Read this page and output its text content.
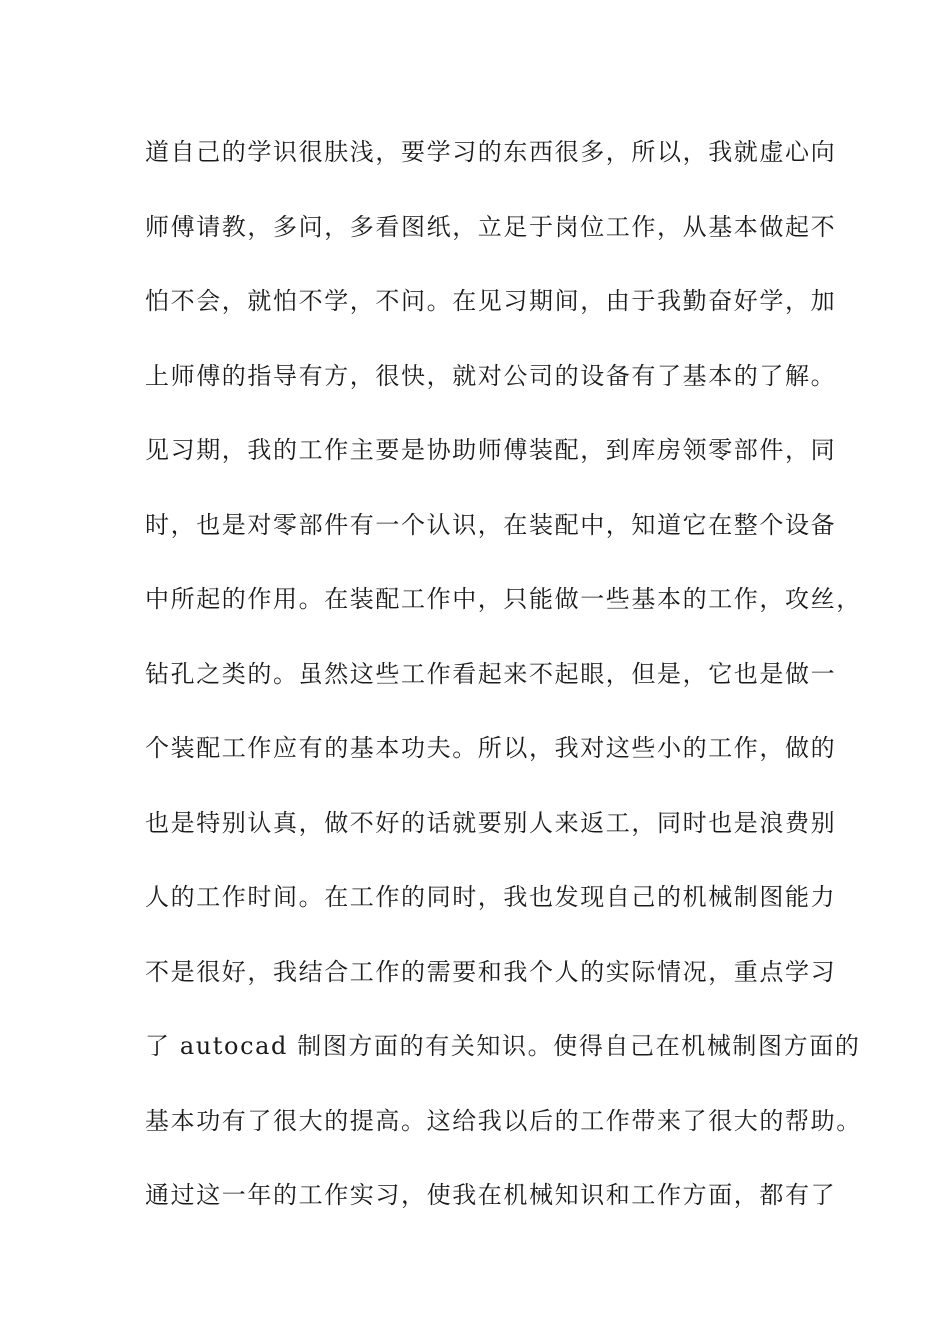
道自己的学识很肤浅，要学习的东西很多，所以，我就虚心向
师傅请教，多问，多看图纸，立足于岗位工作，从基本做起不
怕不会，就怕不学，不问。在见习期间，由于我勤奋好学，加
上师傅的指导有方，很快，就对公司的设备有了基本的了解。
见习期，我的工作主要是协助师傅装配，到库房领零部件，同
时，也是对零部件有一个认识，在装配中，知道它在整个设备
中所起的作用。在装配工作中，只能做一些基本的工作，攻丝，
钻孔之类的。虽然这些工作看起来不起眼，但是，它也是做一
个装配工作应有的基本功夫。所以，我对这些小的工作，做的
也是特别认真，做不好的话就要别人来返工，同时也是浪费别
人的工作时间。在工作的同时，我也发现自己的机械制图能力
不是很好，我结合工作的需要和我个人的实际情况，重点学习
了 autocad 制图方面的有关知识。使得自己在机械制图方面的
基本功有了很大的提高。这给我以后的工作带来了很大的帮助。
通过这一年的工作实习，使我在机械知识和工作方面，都有了
